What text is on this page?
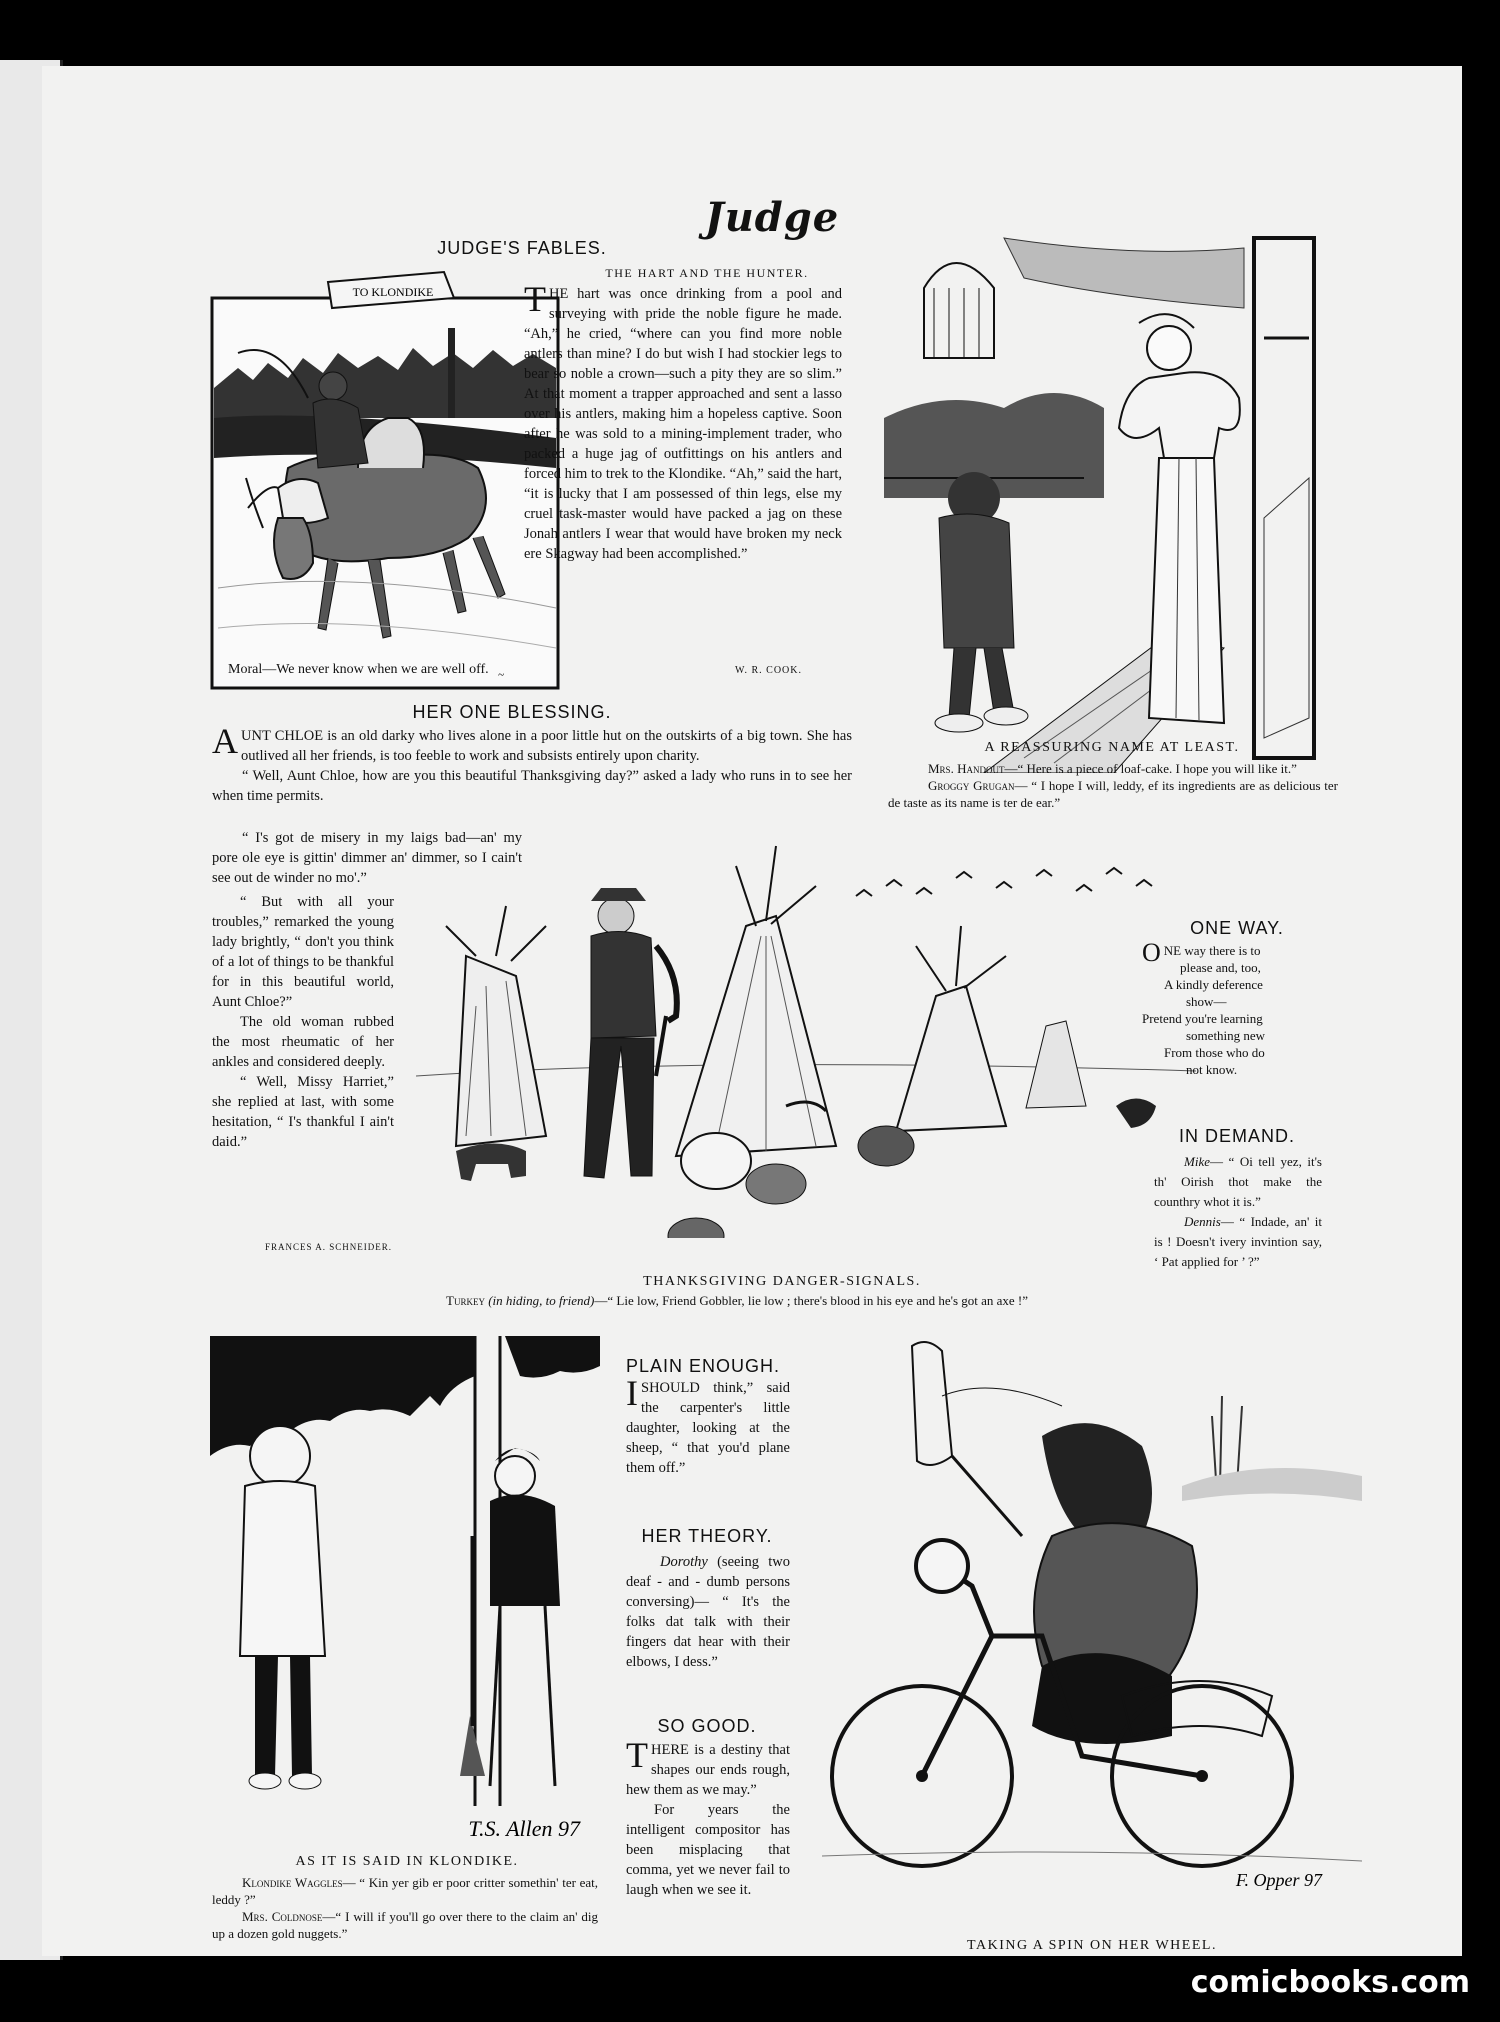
Judge
JUDGE'S FABLES.
TO KLONDIKE
~
THE HART AND THE HUNTER.
THE hart was once drinking from a pool and surveying with pride the noble figure he made. “Ah,” he cried, “where can you find more noble antlers than mine? I do but wish I had stockier legs to bear so noble a crown—such a pity they are so slim.” At that moment a trapper approached and sent a lasso over his antlers, making him a hopeless captive. Soon after he was sold to a mining-implement trader, who packed a huge jag of outfittings on his antlers and forced him to trek to the Klondike. “Ah,” said the hart, “it is lucky that I am possessed of thin legs, else my cruel task-master would have packed a jag on these Jonah antlers I wear that would have broken my neck ere Skagway had been accomplished.”
Moral—We never know when we are well off.	W. R. COOK.
A REASSURING NAME AT LEAST.

Mrs. Handout—“ Here is a piece of loaf-cake. I hope you will like it.”

Groggy Grugan— “ I hope I will, leddy, ef its ingredients are as delicious ter de taste as its name is ter de ear.”

HER ONE BLESSING.
AUNT CHLOE is an old darky who lives alone in a poor little hut on the outskirts of a big town. She has outlived all her friends, is too feeble to work and subsists entirely upon charity.

“ Well, Aunt Chloe, how are you this beautiful Thanksgiving day?” asked a lady who runs in to see her when time permits.

“ I's got de misery in my laigs bad—an' my pore ole eye is gittin' dimmer an' dimmer, so I cain't see out de winder no mo'.”

“ But with all your troubles,” remarked the young lady brightly, “ don't you think of a lot of things to be thankful for in this beautiful world, Aunt Chloe?”

The old woman rubbed the most rheumatic of her ankles and considered deeply.

“ Well, Missy Harriet,” she replied at last, with some hesitation, “ I's thankful I ain't daid.”

FRANCES A. SCHNEIDER.
THANKSGIVING DANGER-SIGNALS.
Turkey (in hiding, to friend)—“ Lie low, Friend Gobbler, lie low ; there's blood in his eye and he's got an axe !”
ONE WAY.

ONE way there is to

please and, too,

A kindly deference

show—

Pretend you're learning

something new

From those who do

not know.

IN DEMAND.

Mike— “ Oi tell yez, it's th' Oirish thot make the counthry whot it is.”

Dennis— “ Indade, an' it is ! Doesn't ivery invintion say, ‘ Pat applied for ’ ?”

T.S. Allen 97
AS IT IS SAID IN KLONDIKE.

Klondike Waggles— “ Kin yer gib er poor critter somethin' ter eat, leddy ?”

Mrs. Coldnose—“ I will if you'll go over there to the claim an' dig up a dozen gold nuggets.”

PLAIN ENOUGH.
ISHOULD think,” said the carpenter's little daughter, looking at the sheep, “ that you'd plane them off.”
HER THEORY.
Dorothy (seeing two deaf - and - dumb persons conversing)— “ It's the folks dat talk with their fingers dat hear with their elbows, I dess.”
SO GOOD.
THERE is a destiny that shapes our ends rough, hew them as we may.”

For years the intelligent compositor has been misplacing that comma, yet we never fail to laugh when we see it.	F. Opper 97
TAKING A SPIN ON HER WHEEL.
comicbooks.com
